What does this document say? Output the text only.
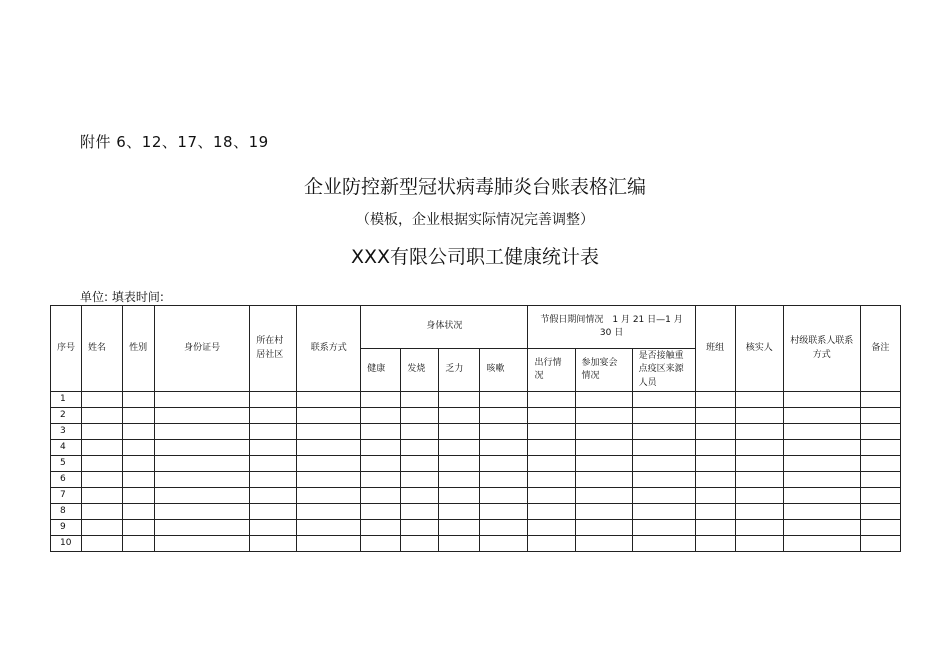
附件 6、12、17、18、19
企业防控新型冠状病毒肺炎台账表格汇编
（模板，企业根据实际情况完善调整）
XXX有限公司职工健康统计表
单位: 填表时间:
序号	姓名	性别	身份证号	所在村居社区	联系方式	身体状况				节假日期间情况　1 月 21 日—1 月 30 日			班组	核实人	村级联系人联系方式	备注
						健康	发烧	乏力	咳嗽	出行情况	参加宴会情况	是否接触重点疫区来源人员				
1																
2																
3																
4																
5																
6																
7																
8																
9																
10																
